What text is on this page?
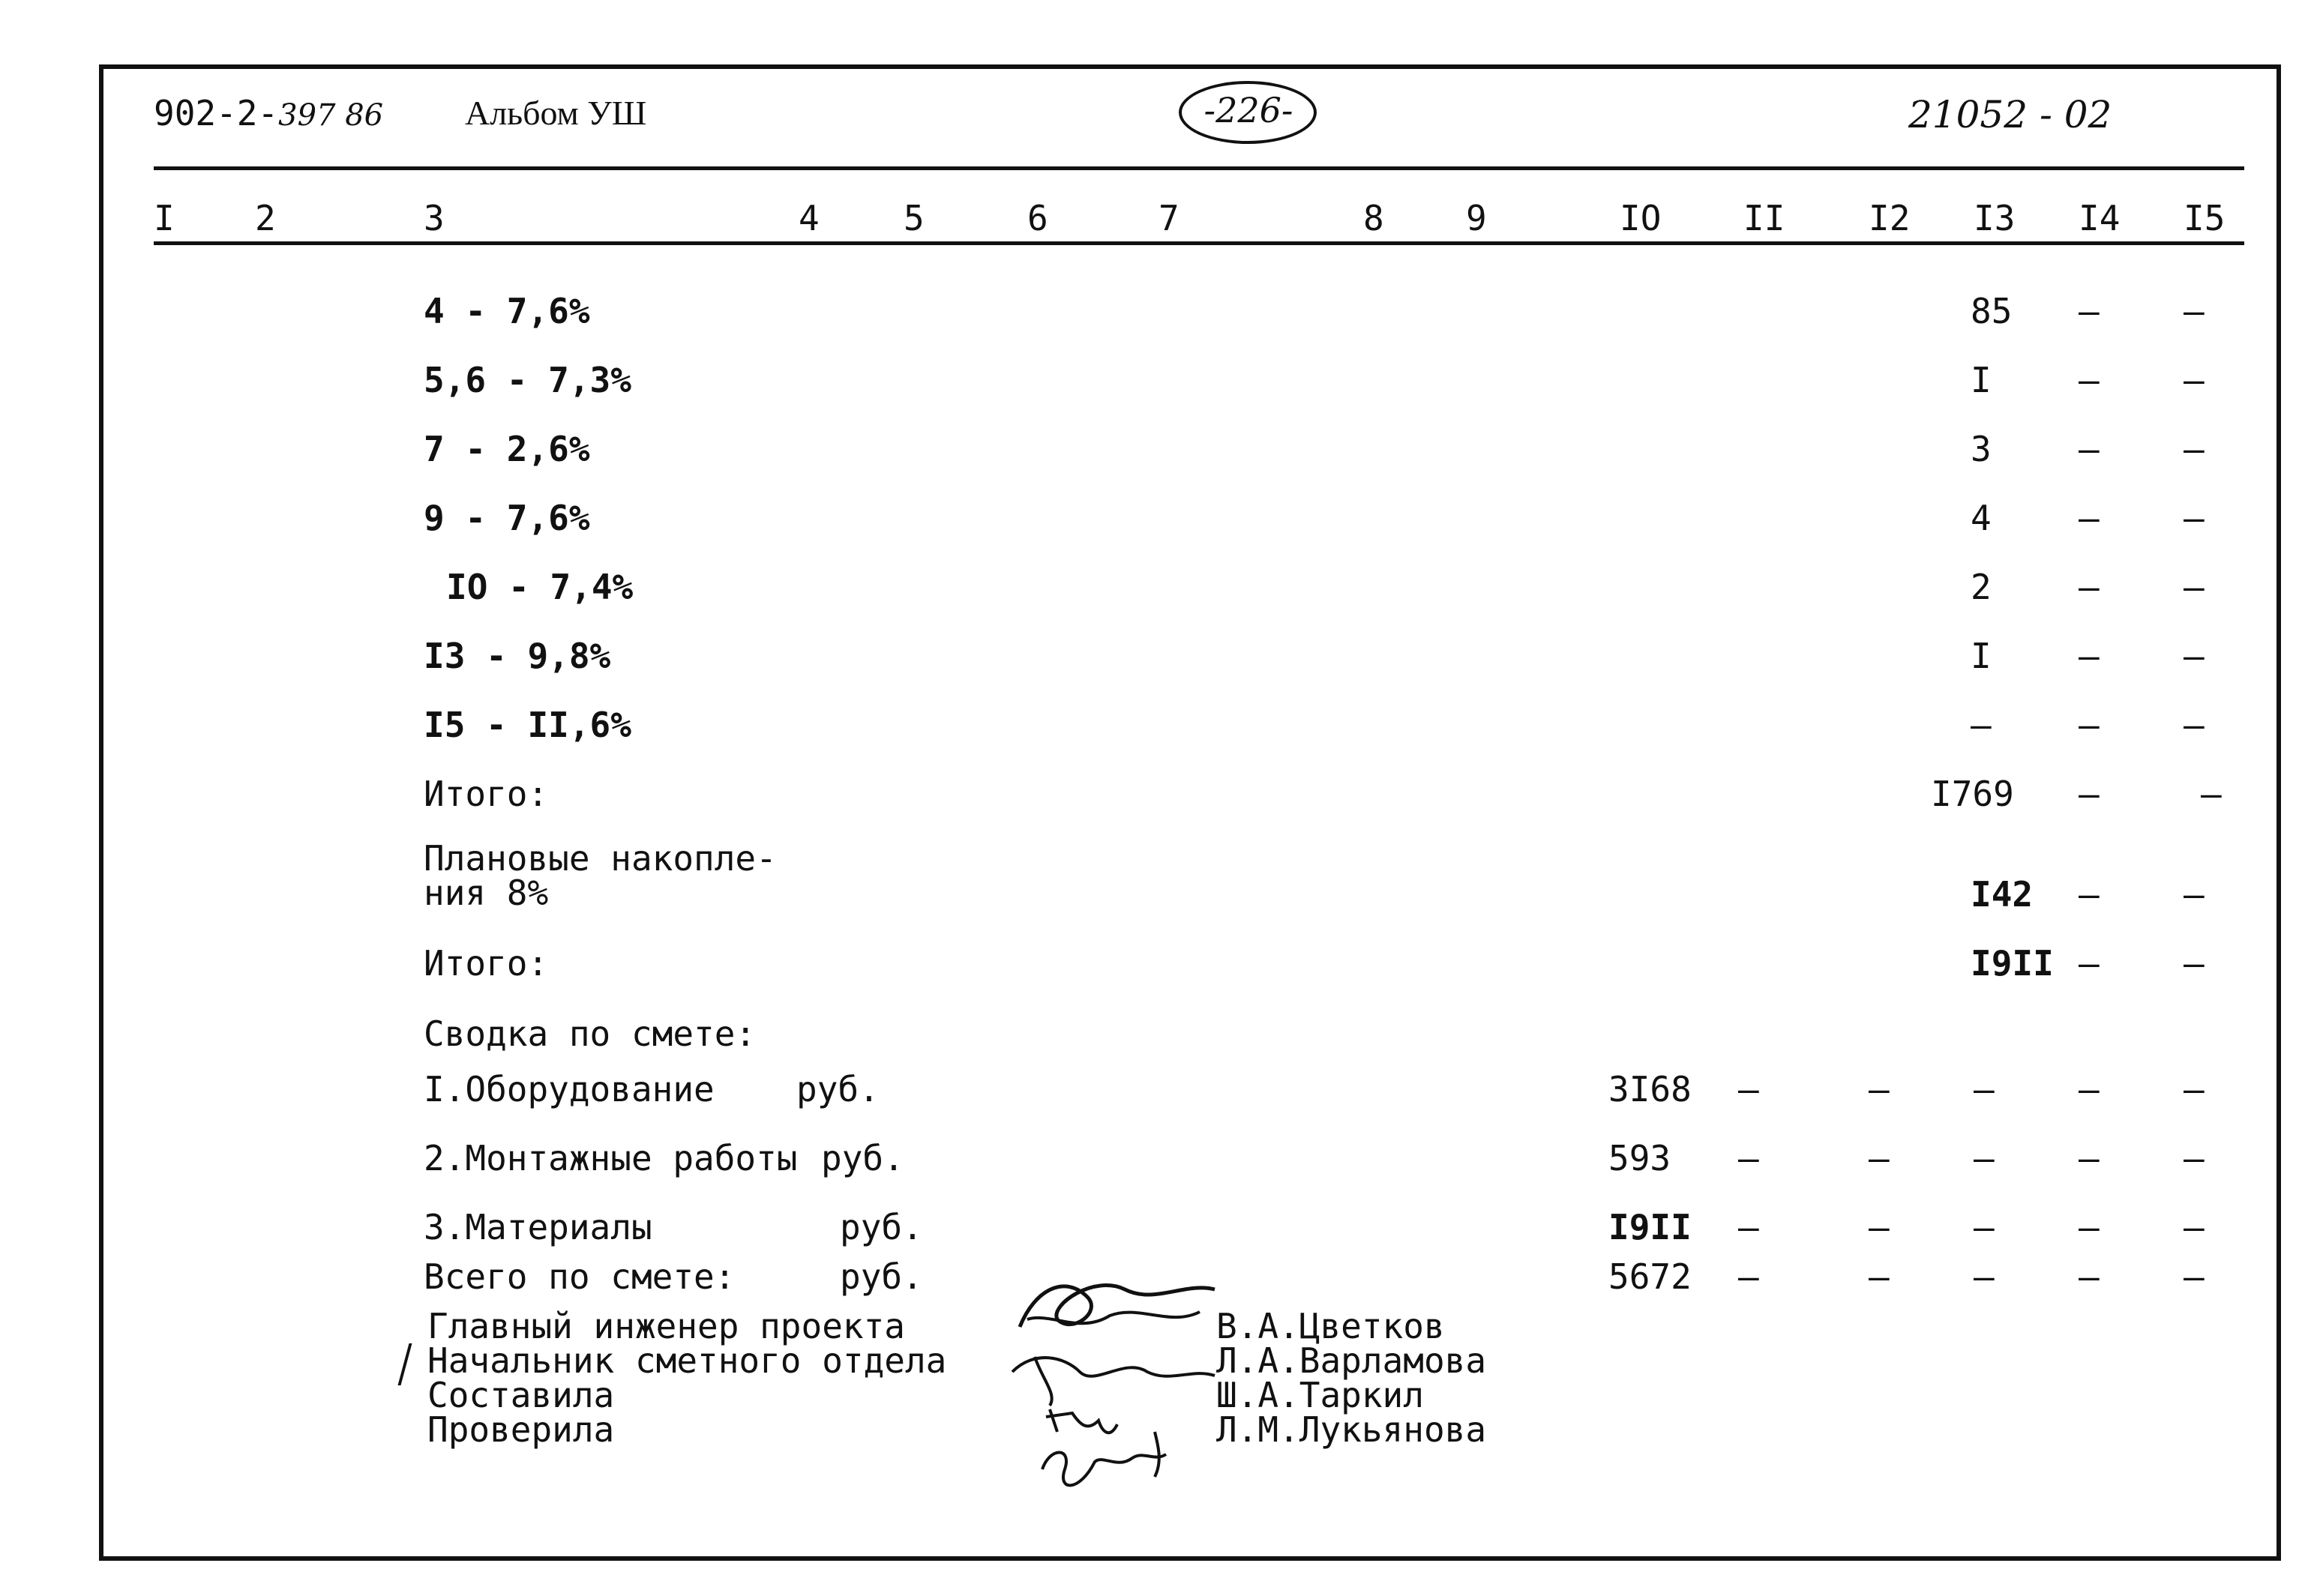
902-2-397 86 Альбом УШ	-226-	21052 - 02
I 2	3	4 5	6	7	8 9	IO II I2 I3 I4 I5
4 - 7,6%	85 – –
5,6 - 7,3%	I	– –
7 - 2,6%	3	– –
9 - 7,6%	4	– –
IO - 7,4%	2	– –
I3 - 9,8%	I	– –
I5 - II,6%	–	– –
Итого:	I769 –	–
Плановые накопле-
ния 8%	I42 – –
Итого:	I9II – –
Сводка по смете:
I.Оборудование руб.	3I68 –	– – – –
2.Монтажные работы руб.	593 –	– – – –
3.Материалы	руб.	I9II –	– – – –
Всего по смете:	руб.	5672 –	– – – –
Главный инженер проекта
Начальник сметного отдела
Составила
Проверила
В.А.Цветков
Л.А.Варламова
Ш.А.Таркил
Л.М.Лукьянова
